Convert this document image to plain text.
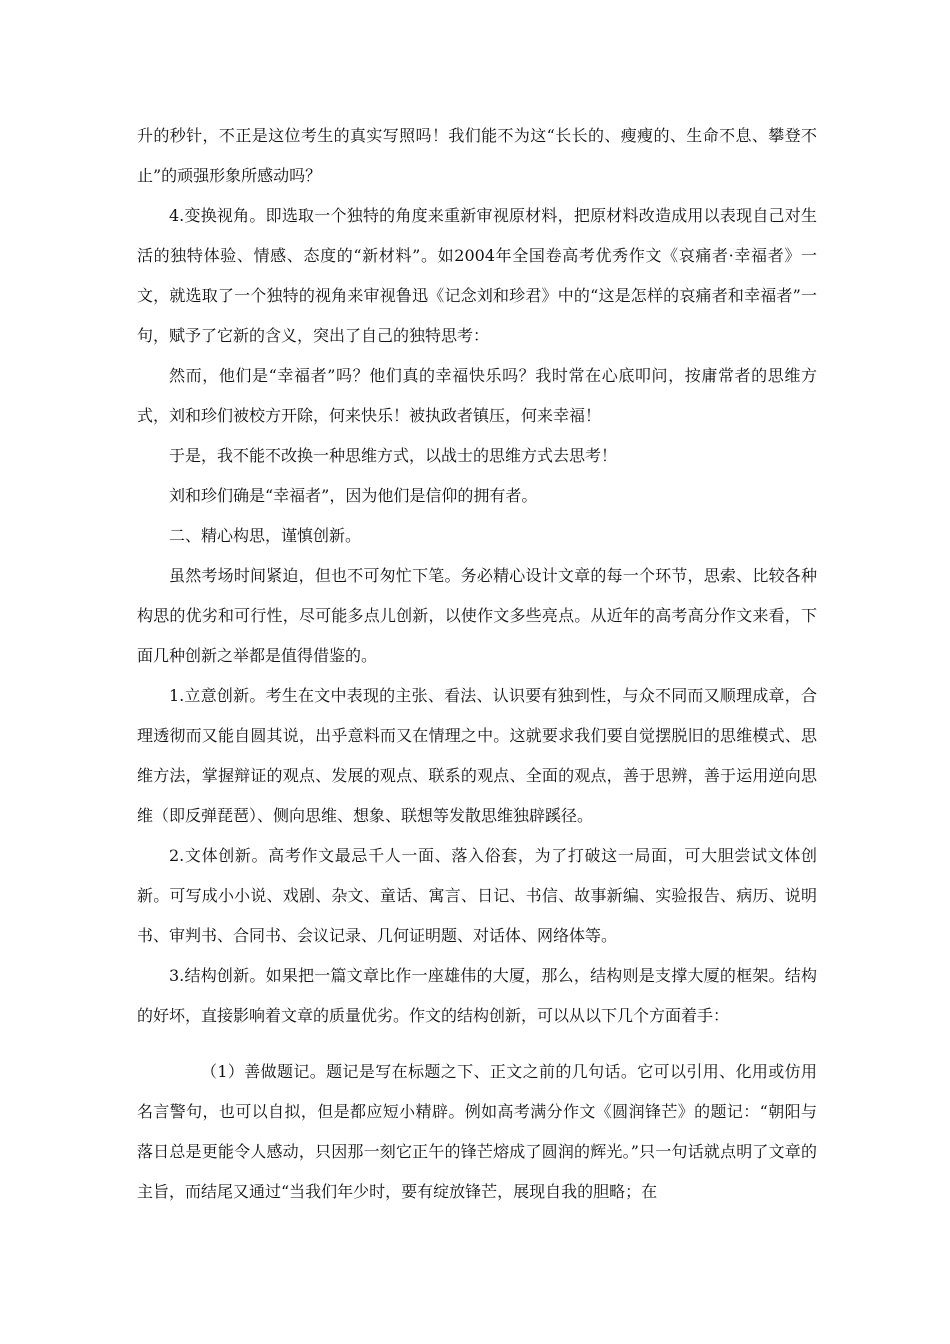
升的秒针，不正是这位考生的真实写照吗！我们能不为这“长长的、瘦瘦的、生命不息、攀登不止”的顽强形象所感动吗？

4.变换视角。即选取一个独特的角度来重新审视原材料，把原材料改造成用以表现自己对生活的独特体验、情感、态度的“新材料”。如2004年全国卷高考优秀作文《哀痛者·幸福者》一文，就选取了一个独特的视角来审视鲁迅《记念刘和珍君》中的“这是怎样的哀痛者和幸福者”一句，赋予了它新的含义，突出了自己的独特思考：

然而，他们是“幸福者”吗？他们真的幸福快乐吗？我时常在心底叩问，按庸常者的思维方式，刘和珍们被校方开除，何来快乐！被执政者镇压，何来幸福！

于是，我不能不改换一种思维方式，以战士的思维方式去思考！

刘和珍们确是“幸福者”，因为他们是信仰的拥有者。

二、精心构思，谨慎创新。

虽然考场时间紧迫，但也不可匆忙下笔。务必精心设计文章的每一个环节，思索、比较各种构思的优劣和可行性，尽可能多点儿创新，以使作文多些亮点。从近年的高考高分作文来看，下面几种创新之举都是值得借鉴的。

1.立意创新。考生在文中表现的主张、看法、认识要有独到性，与众不同而又顺理成章，合理透彻而又能自圆其说，出乎意料而又在情理之中。这就要求我们要自觉摆脱旧的思维模式、思维方法，掌握辩证的观点、发展的观点、联系的观点、全面的观点，善于思辨，善于运用逆向思维（即反弹琵琶）、侧向思维、想象、联想等发散思维独辟蹊径。

2.文体创新。高考作文最忌千人一面、落入俗套，为了打破这一局面，可大胆尝试文体创新。可写成小小说、戏剧、杂文、童话、寓言、日记、书信、故事新编、实验报告、病历、说明书、审判书、合同书、会议记录、几何证明题、对话体、网络体等。

3.结构创新。如果把一篇文章比作一座雄伟的大厦，那么，结构则是支撑大厦的框架。结构的好坏，直接影响着文章的质量优劣。作文的结构创新，可以从以下几个方面着手：

（1）善做题记。题记是写在标题之下、正文之前的几句话。它可以引用、化用或仿用名言警句，也可以自拟，但是都应短小精辟。例如高考满分作文《圆润锋芒》的题记：“朝阳与落日总是更能令人感动，只因那一刻它正午的锋芒熔成了圆润的辉光。”只一句话就点明了文章的主旨，而结尾又通过“当我们年少时，要有绽放锋芒，展现自我的胆略；在
